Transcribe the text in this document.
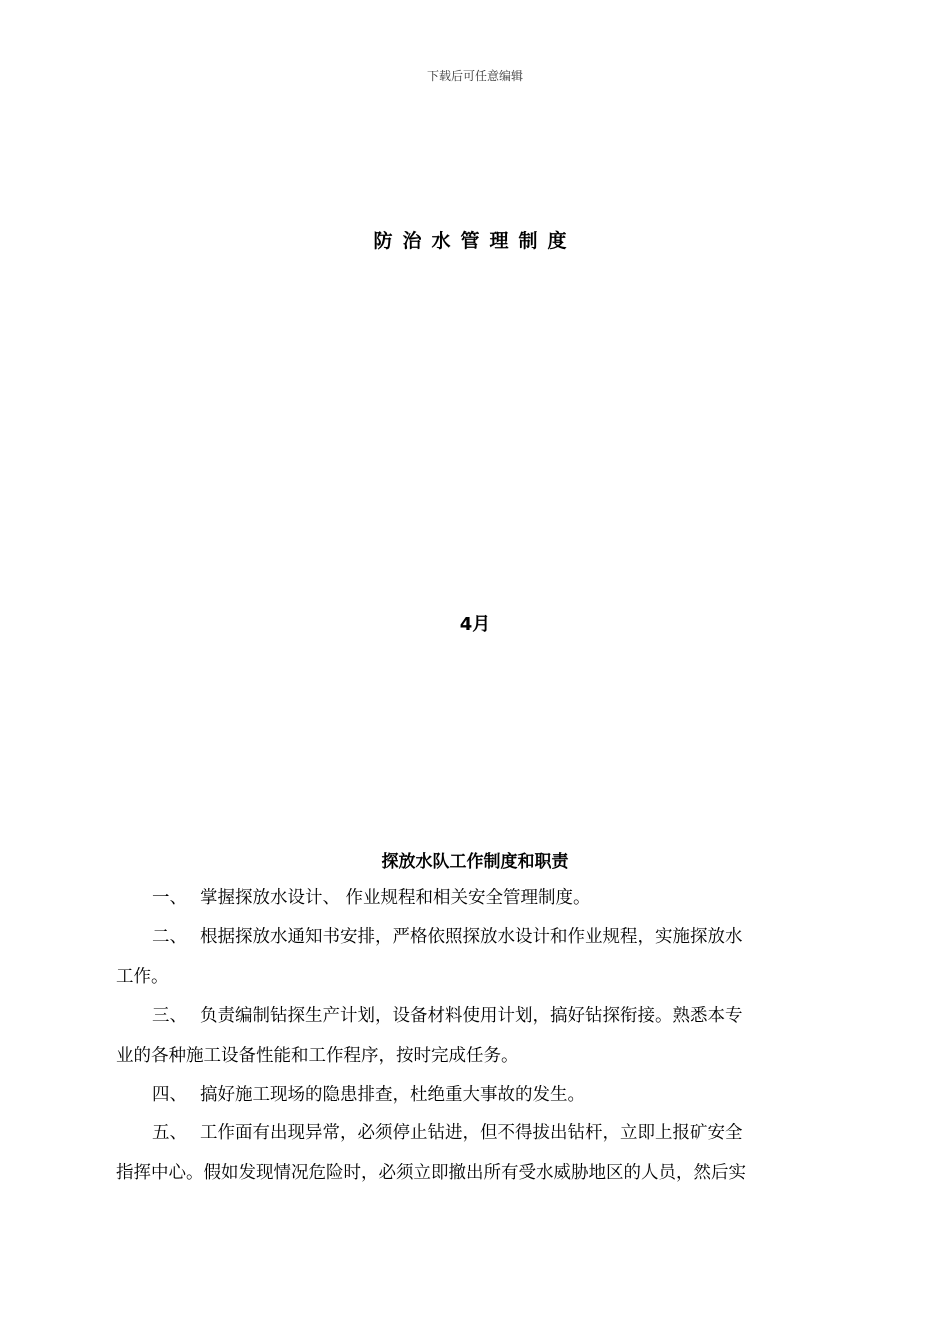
下载后可任意编辑
防治水管理制度
4月
探放水队工作制度和职责
一、 掌握探放水设计、 作业规程和相关安全管理制度。
二、 根据探放水通知书安排，严格依照探放水设计和作业规程，实施探放水
工作。
三、 负责编制钻探生产计划，设备材料使用计划，搞好钻探衔接。熟悉本专
业的各种施工设备性能和工作程序，按时完成任务。
四、 搞好施工现场的隐患排查，杜绝重大事故的发生。
五、 工作面有出现异常，必须停止钻进，但不得拔出钻杆，立即上报矿安全
指挥中心。假如发现情况危险时，必须立即撤出所有受水威胁地区的人员，然后实
